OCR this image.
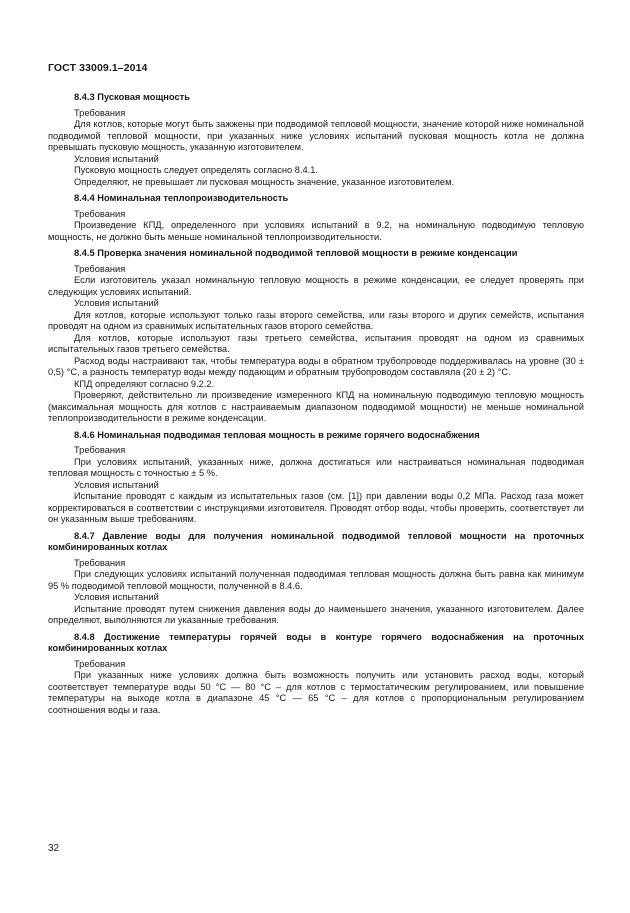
ГОСТ 33009.1–2014
8.4.3 Пусковая мощность
Требования

Для котлов, которые могут быть зажжены при подводимой тепловой мощности, значение которой ниже номинальной подводимой тепловой мощности, при указанных ниже условиях испытаний пусковая мощность котла не должна превышать пусковую мощность, указанную изготовителем.

Условия испытаний

Пусковую мощность следует определять согласно 8.4.1.

Определяют, не превышает ли пусковая мощность значение, указанное изготовителем.

8.4.4 Номинальная теплопроизводительность
Требования

Произведение КПД, определенного при условиях испытаний в 9.2, на номинальную подводимую тепловую мощность, не должно быть меньше номинальной теплопроизводительности.

8.4.5 Проверка значения номинальной подводимой тепловой мощности в режиме конденсации
Требования

Если изготовитель указал номинальную тепловую мощность в режиме конденсации, ее следует проверять при следующих условиях испытаний.

Условия испытаний

Для котлов, которые используют только газы второго семейства, или газы второго и других семейств, испытания проводят на одном из сравнимых испытательных газов второго семейства.

Для котлов, которые используют газы третьего семейства, испытания проводят на одном из сравнимых испытательных газов третьего семейства.

Расход воды настраивают так, чтобы температура воды в обратном трубопроводе поддерживалась на уровне (30 ± 0,5) °С, а разность температур воды между подающим и обратным трубопроводом составляла (20 ± 2) °С.

КПД определяют согласно 9.2.2.

Проверяют, действительно ли произведение измеренного КПД на номинальную подводимую тепловую мощность (максимальная мощность для котлов с настраиваемым диапазоном подводимой мощности) не меньше номинальной теплопроизводительности в режиме конденсации.

8.4.6 Номинальная подводимая тепловая мощность в режиме горячего водоснабжения
Требования

При условиях испытаний, указанных ниже, должна достигаться или настраиваться номинальная подводимая тепловая мощность с точностью ± 5 %.

Условия испытаний

Испытание проводят с каждым из испытательных газов (см. [1]) при давлении воды 0,2 МПа. Расход газа может корректироваться в соответствии с инструкциями изготовителя. Проводят отбор воды, чтобы проверить, соответствует ли он указанным выше требованиям.

8.4.7 Давление воды для получения номинальной подводимой тепловой мощности на проточных комбинированных котлах

Требования

При следующих условиях испытаний полученная подводимая тепловая мощность должна быть равна как минимум 95 % подводимой тепловой мощности, полученной в 8.4.6.

Условия испытаний

Испытание проводят путем снижения давления воды до наименьшего значения, указанного изготовителем. Далее определяют, выполняются ли указанные требования.

8.4.8 Достижение температуры горячей воды в контуре горячего водоснабжения на проточных комбинированных котлах

Требования

При указанных ниже условиях должна быть возможность получить или установить расход воды, который соответствует температуре воды 50 °С — 80 °С – для котлов с термостатическим регулированием, или повышение температуры на выходе котла в диапазоне 45 °С — 65 °С – для котлов с пропорциональным регулированием соотношения воды и газа.

32
